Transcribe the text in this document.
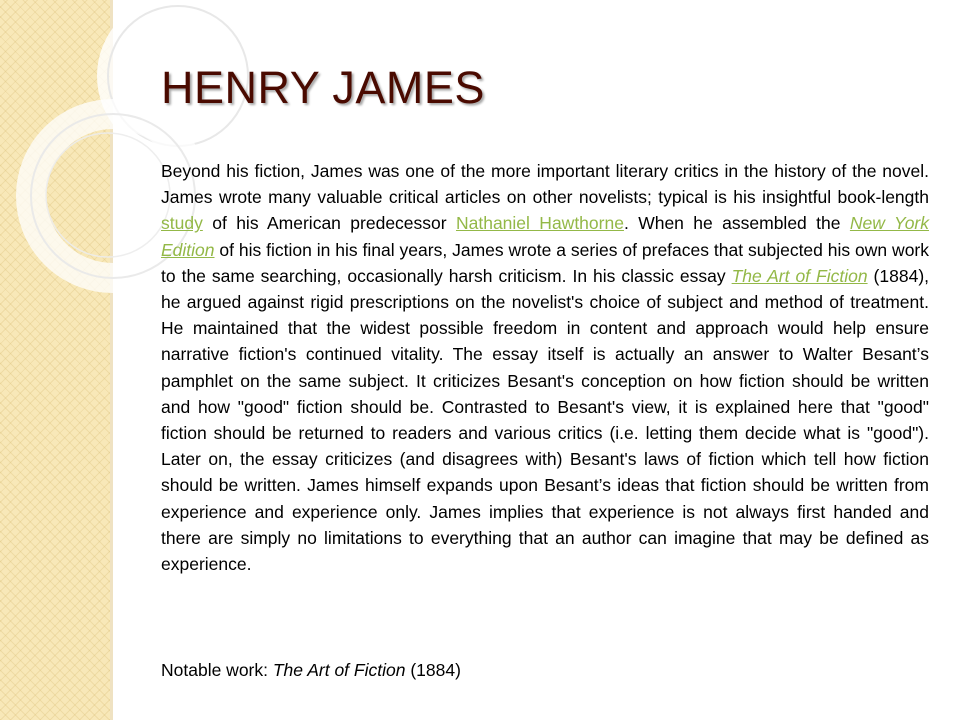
HENRY JAMES

Beyond his fiction, James was one of the more important literary critics in the history of the novel. James wrote many valuable critical articles on other novelists; typical is his insightful book-length study of his American predecessor Nathaniel Hawthorne. When he assembled the New York Edition of his fiction in his final years, James wrote a series of prefaces that subjected his own work to the same searching, occasionally harsh criticism. In his classic essay The Art of Fiction (1884), he argued against rigid prescriptions on the novelist's choice of subject and method of treatment. He maintained that the widest possible freedom in content and approach would help ensure narrative fiction's continued vitality. The essay itself is actually an answer to Walter Besant’s pamphlet on the same subject. It criticizes Besant's conception on how fiction should be written and how "good" fiction should be. Contrasted to Besant's view, it is explained here that "good" fiction should be returned to readers and various critics (i.e. letting them decide what is "good"). Later on, the essay criticizes (and disagrees with) Besant's laws of fiction which tell how fiction should be written. James himself expands upon Besant’s ideas that fiction should be written from experience and experience only. James implies that experience is not always first handed and there are simply no limitations to everything that an author can imagine that may be defined as experience.

Notable work: The Art of Fiction (1884)
